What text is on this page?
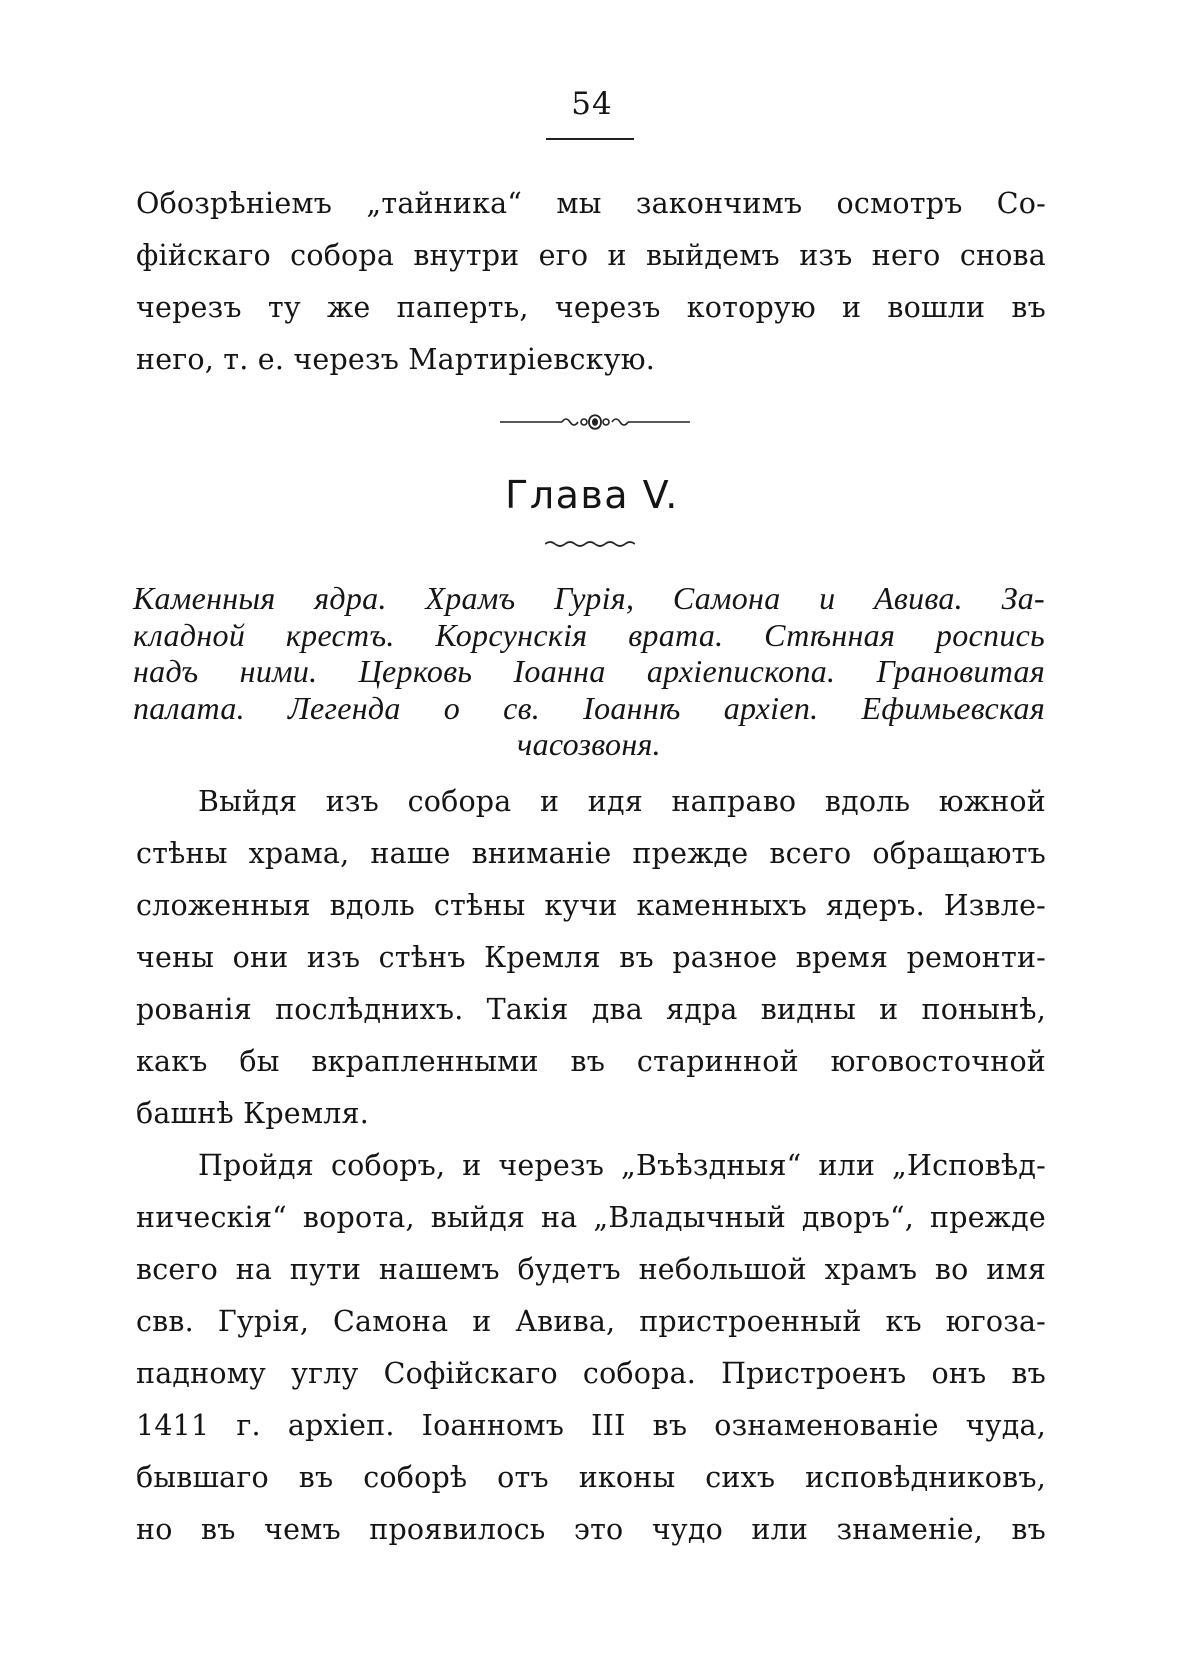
54
Обозрѣніемъ „тайника“ мы закончимъ осмотръ Со-
фійскаго собора внутри его и выйдемъ изъ него снова
черезъ ту же паперть, черезъ которую и вошли въ
него, т. е. черезъ Мартиріевскую.
Глава V.
Каменныя ядра. Храмъ Гурія, Самона и Авива. За-
кладной крестъ. Корсунскія врата. Стѣнная роспись
надъ ними. Церковь Іоанна архіепископа. Грановитая
палата. Легенда о св. Іоаннѣ архіеп. Ефимьевская
часозвоня.
Выйдя изъ собора и идя направо вдоль южной
стѣны храма, наше вниманіе прежде всего обращаютъ
сложенныя вдоль стѣны кучи каменныхъ ядеръ. Извле-
чены они изъ стѣнъ Кремля въ разное время ремонти-
рованія послѣднихъ. Такія два ядра видны и понынѣ,
какъ бы вкрапленными въ старинной юговосточной
башнѣ Кремля.
Пройдя соборъ, и черезъ „Въѣздныя“ или „Исповѣд-
ническія“ ворота, выйдя на „Владычный дворъ“, прежде
всего на пути нашемъ будетъ небольшой храмъ во имя
свв. Гурія, Самона и Авива, пристроенный къ югоза-
падному углу Софійскаго собора. Пристроенъ онъ въ
1411 г. архіеп. Іоанномъ III въ ознаменованіе чуда,
бывшаго въ соборѣ отъ иконы сихъ исповѣдниковъ,
но въ чемъ проявилось это чудо или знаменіе, въ
